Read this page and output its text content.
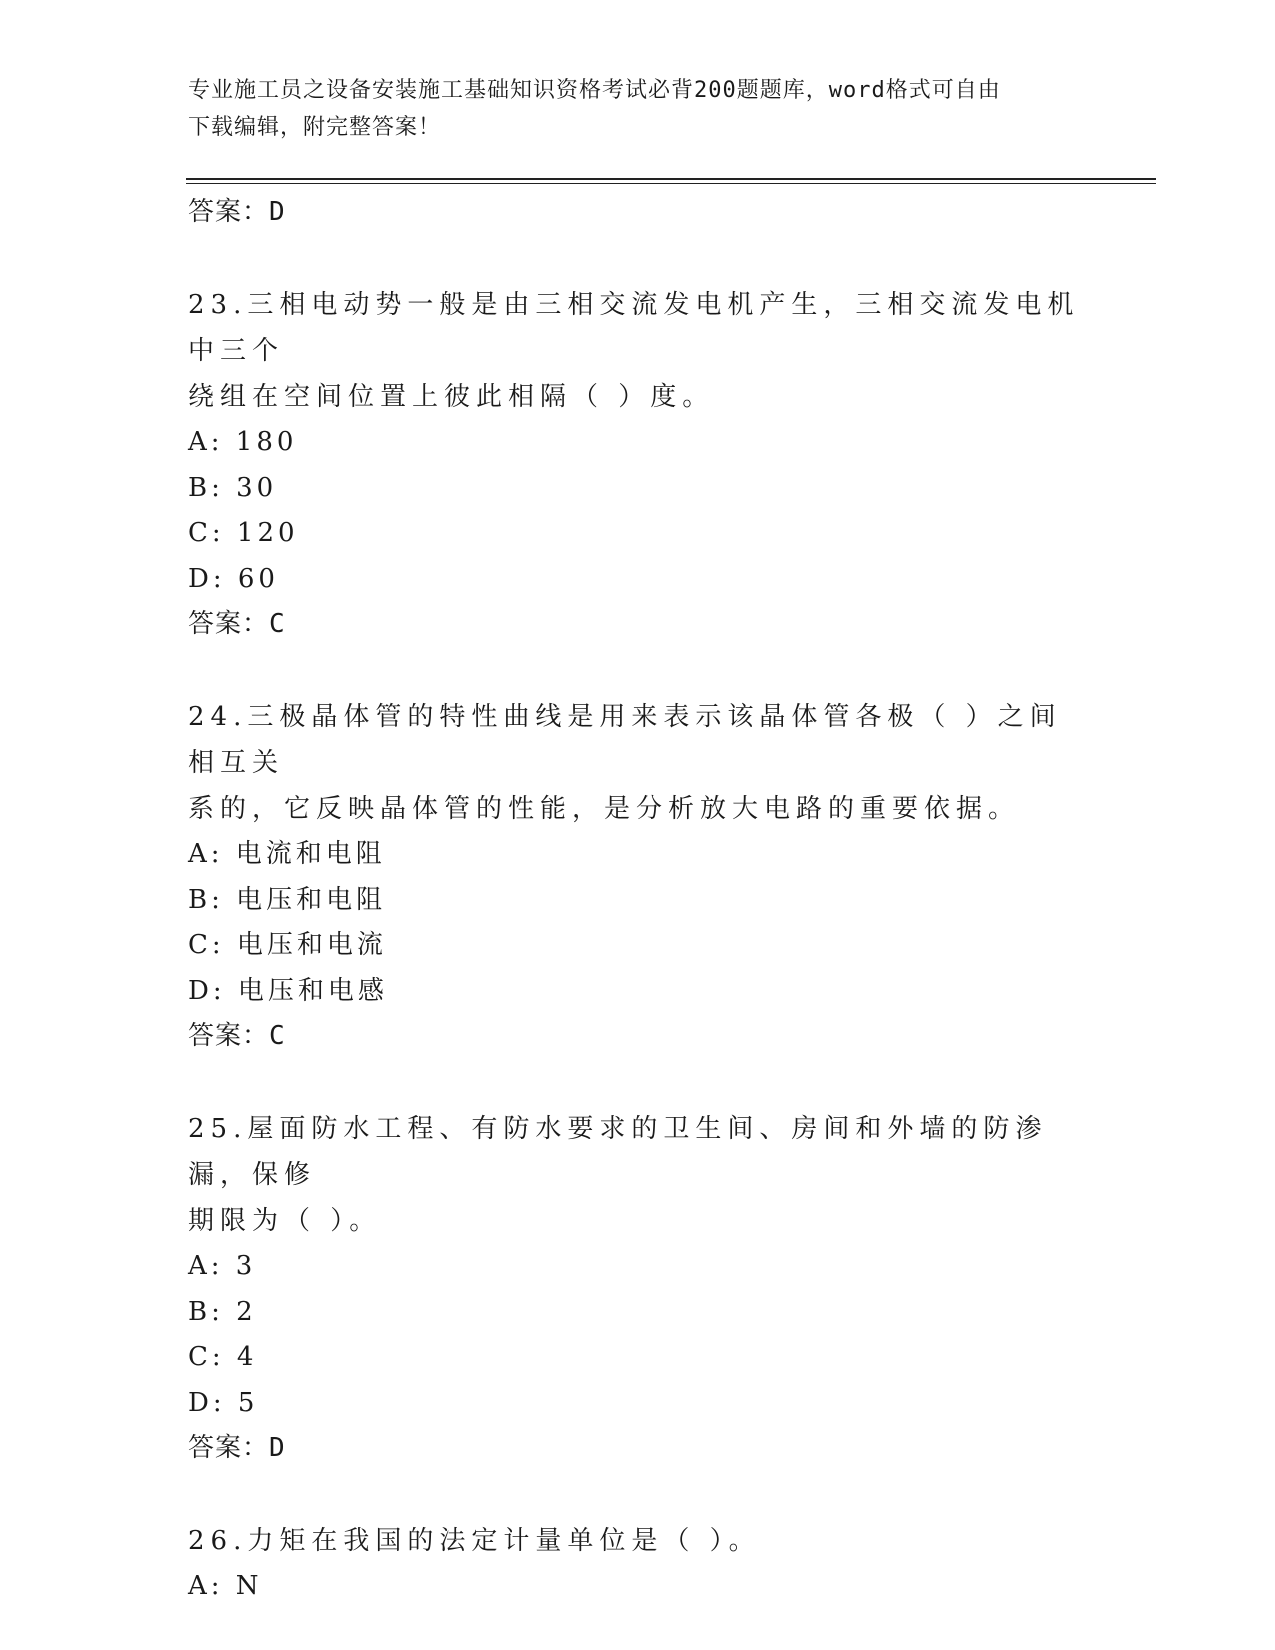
专业施工员之设备安装施工基础知识资格考试必背200题题库，word格式可自由
下载编辑，附完整答案！
答案：D
23.三相电动势一般是由三相交流发电机产生，三相交流发电机中三个
绕组在空间位置上彼此相隔（ ）度。
A: 180
B: 30
C: 120
D: 60
答案：C
24.三极晶体管的特性曲线是用来表示该晶体管各极（ ）之间相互关
系的，它反映晶体管的性能，是分析放大电路的重要依据。
A: 电流和电阻
B: 电压和电阻
C: 电压和电流
D: 电压和电感
答案：C
25.屋面防水工程、有防水要求的卫生间、房间和外墙的防渗漏，保修
期限为（ ）。
A: 3
B: 2
C: 4
D: 5
答案：D
26.力矩在我国的法定计量单位是（ ）。
A: N
